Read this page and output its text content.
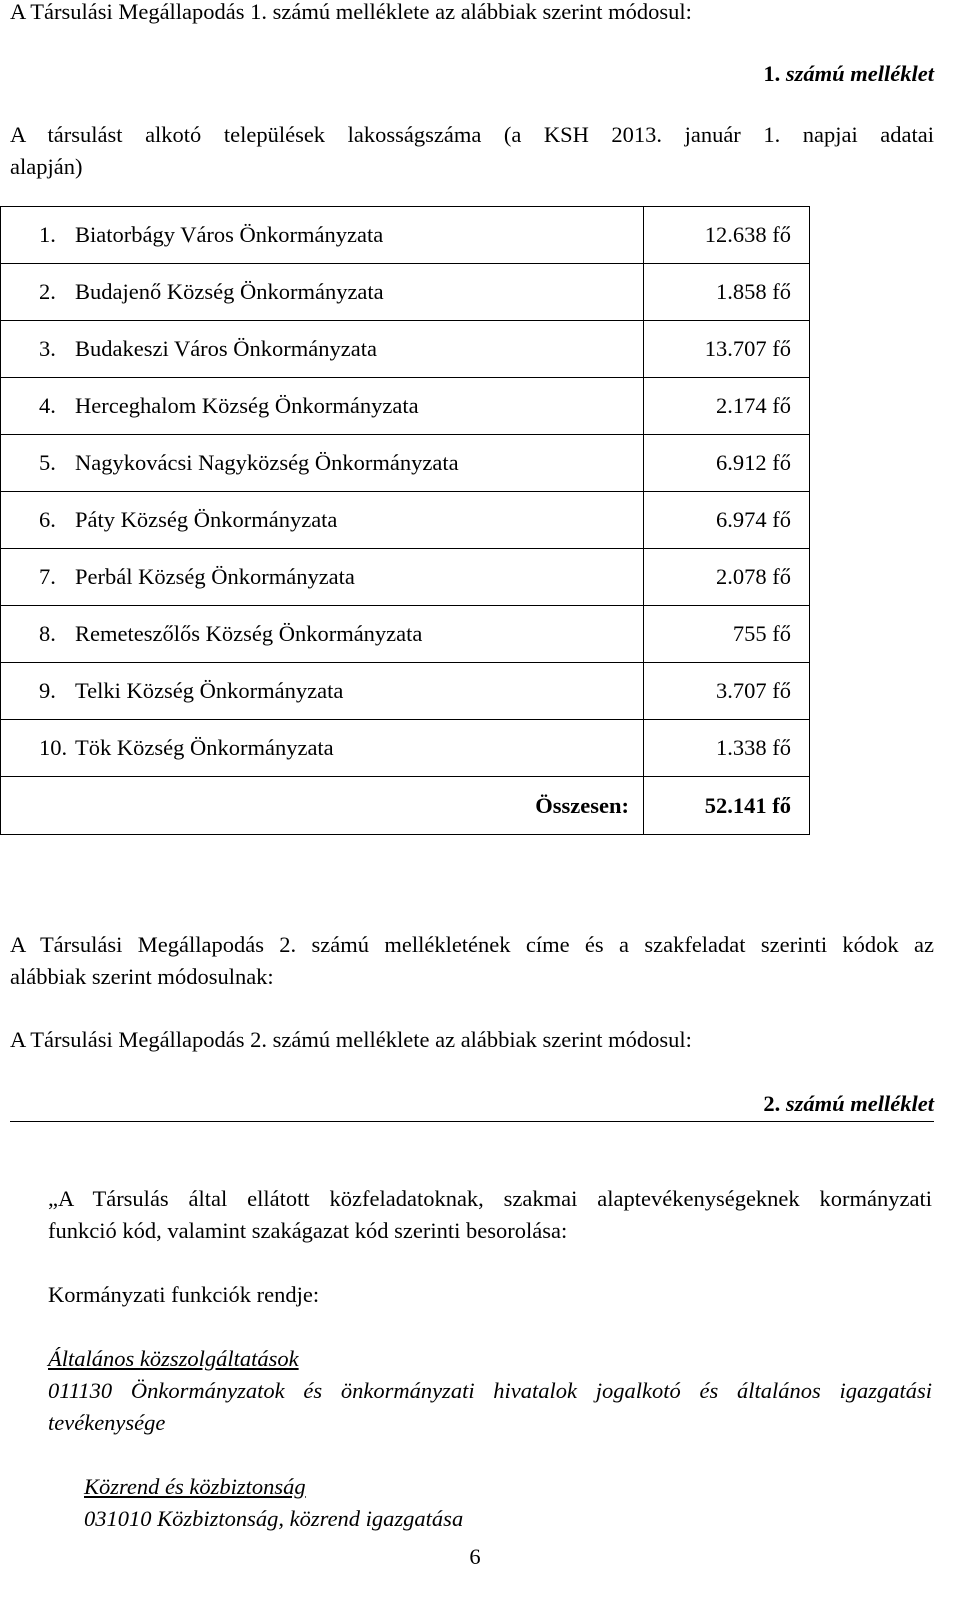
A Társulási Megállapodás 1. számú melléklete az alábbiak szerint módosul:
1. számú melléklet
A társulást alkotó települések lakosságszáma (a KSH 2013. január 1. napjai adatai
alapján)
1. Biatorbágy Város Önkormányzata	12.638 fő
2. Budajenő Község Önkormányzata	1.858 fő
3. Budakeszi Város Önkormányzata	13.707 fő
4. Herceghalom Község Önkormányzata	2.174 fő
5. Nagykovácsi Nagyközség Önkormányzata	6.912 fő
6. Páty Község Önkormányzata	6.974 fő
7. Perbál Község Önkormányzata	2.078 fő
8. Remeteszőlős Község Önkormányzata	755 fő
9. Telki Község Önkormányzata	3.707 fő
10. Tök Község Önkormányzata	1.338 fő
Összesen:	52.141 fő
A Társulási Megállapodás 2. számú mellékletének címe és a szakfeladat szerinti kódok az
alábbiak szerint módosulnak:
A Társulási Megállapodás 2. számú melléklete az alábbiak szerint módosul:
2. számú melléklet
„A Társulás által ellátott közfeladatoknak, szakmai alaptevékenységeknek kormányzati
funkció kód, valamint szakágazat kód szerinti besorolása:
Kormányzati funkciók rendje:
Általános közszolgáltatások
011130 Önkormányzatok és önkormányzati hivatalok jogalkotó és általános igazgatási
tevékenysége
Közrend és közbiztonság
031010 Közbiztonság, közrend igazgatása
6
